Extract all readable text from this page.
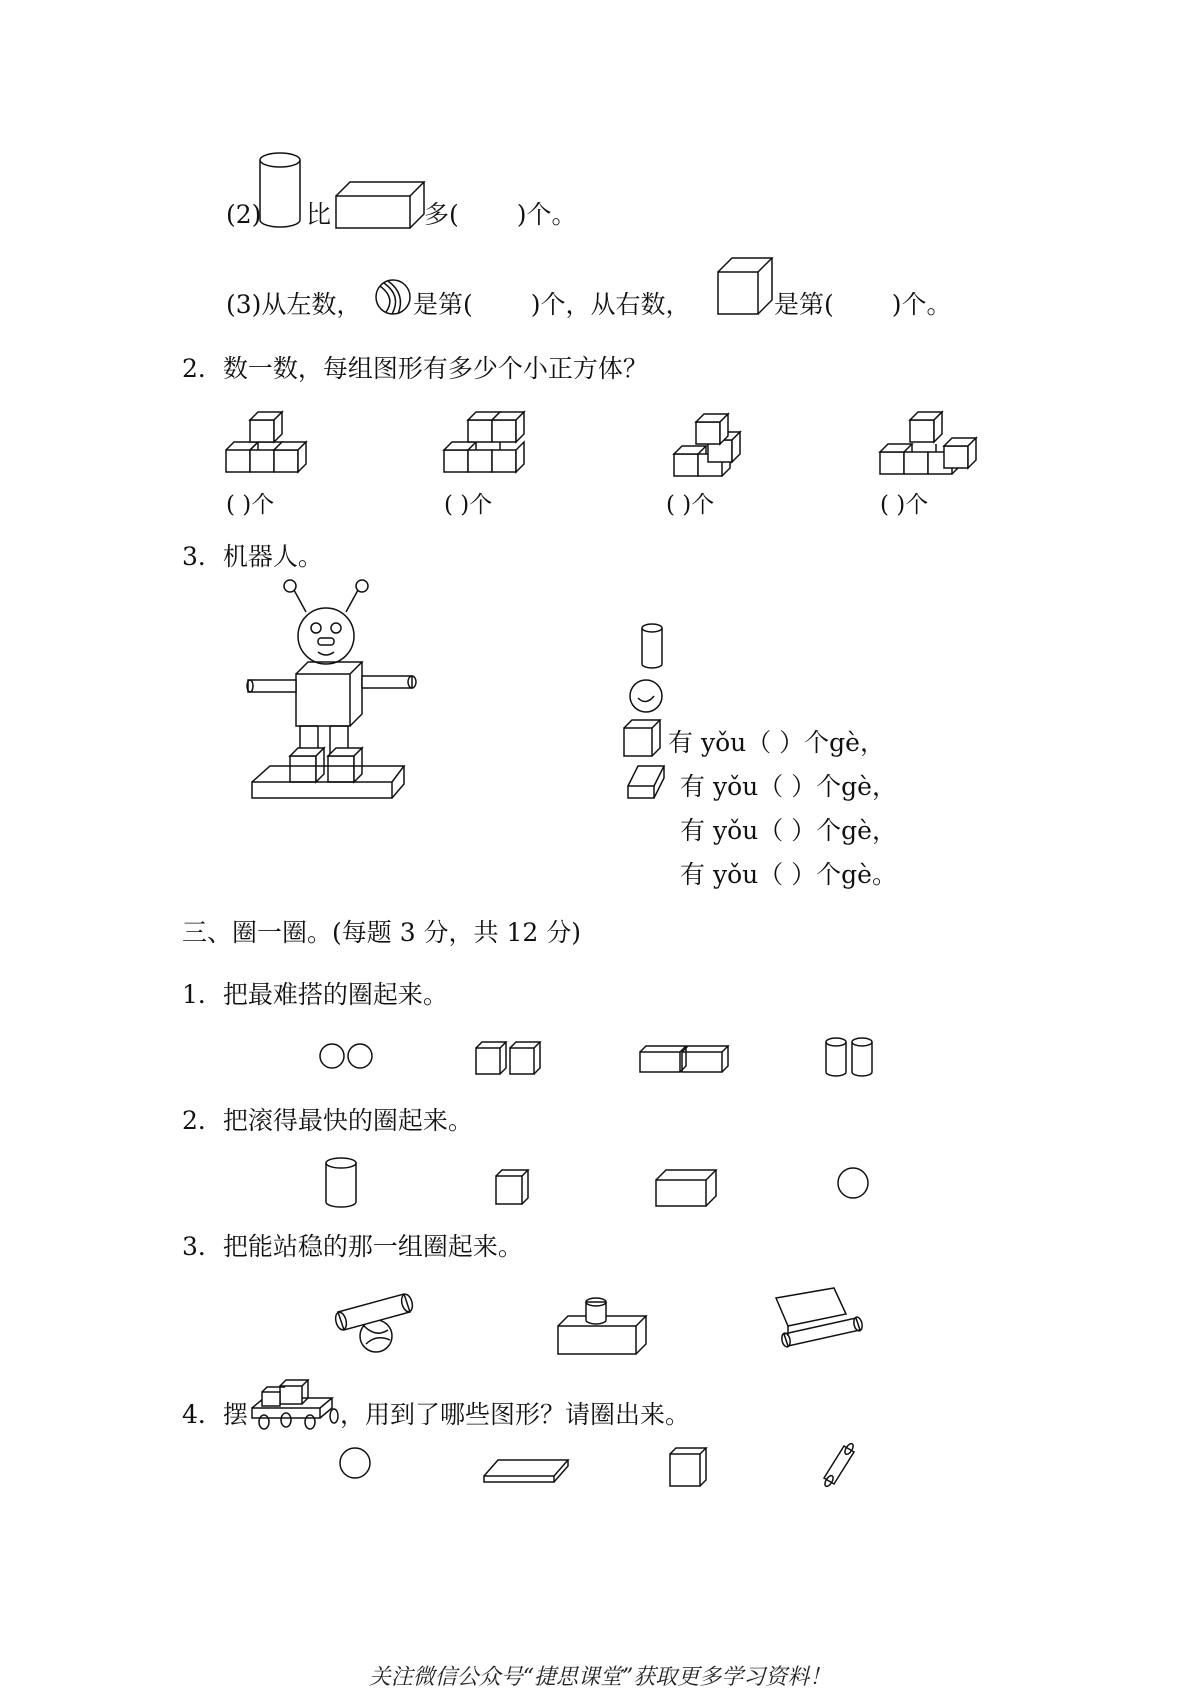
(2) 比	多( )个。
(3)从左数， 是第( )个，从右数，	是第( )个。
2．数一数，每组图形有多少个小正方体？
( )个	( )个	( )个	( )个
3．机器人。
有 yǒu（ ）个gè，
有 yǒu（ ）个gè，
有 yǒu（ ）个gè，
有 yǒu（ ）个gè。
三、圈一圈。(每题 3 分，共 12 分)
1．把最难搭的圈起来。
2．把滚得最快的圈起来。
3．把能站稳的那一组圈起来。
4．摆	，用到了哪些图形？请圈出来。
关注微信公众号“捷思课堂”获取更多学习资料！
